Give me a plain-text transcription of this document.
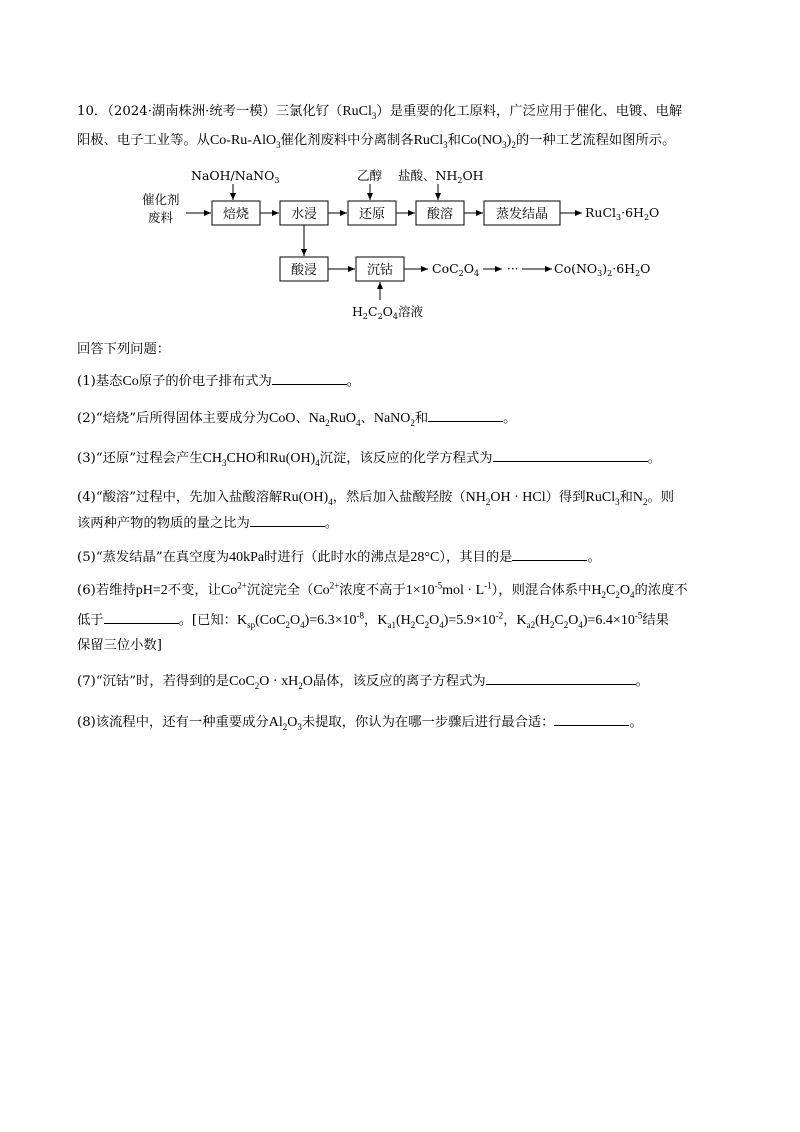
10．（2024·湖南株洲·统考一模）三氯化钌（RuCl$_3$）是重要的化工原料，广泛应用于催化、电镀、电解
阳极、电子工业等。从Co-Ru-AlO$_3$催化剂废料中分离制各RuCl$_3$和$Co(NO_3)_2$的一种工艺流程如图所示。
NaOH/NaNO$_3$	乙醇 盐酸、$NH_2OH$
催化剂
废料	焙烧	水浸	还原	酸溶	蒸发结晶	$RuCl_3\cdot 6H_2O$
酸浸	沉钴	$CoC_2O_4$ ···	$Co(NO_3)_2\cdot 6H_2O$
$H_2C_2O_4$溶液
回答下列问题：
(1)基态Co原子的价电子排布式为	。
(2)“焙烧”后所得固体主要成分为CoO、$Na_2RuO_4$、NaNO$_2$和	。
(3)“还原”过程会产生$CH_3CHO$和$Ru(OH)_4$沉淀，该反应的化学方程式为	。
(4)“酸溶”过程中，先加入盐酸溶解$Ru(OH)_4$，然后加入盐酸羟胺$(NH_2OH \cdot HCl)$得到RuCl$_3$和$N_2$。则
该两种产物的物质的量之比为	。
(5)“蒸发结晶”在真空度为40kPa时进行（此时水的沸点是28°C），其目的是	。
(6)若维持pH=2不变，让$Co^{2+}$沉淀完全（$Co^{2+}$浓度不高于$1\times 10^{-5}mol \cdot L^{-1}$），则混合体系中$H_2C_2O_4$的浓度不
低于	。[已知：$K_{sp}(CoC_2O_4)=6.3\times 10^{-8}$，$K_{a1}(H_2C_2O_4)=5.9\times 10^{-2}$，$K_{a2}(H_2C_2O_4)=6.4\times 10^{-5}$结果
保留三位小数]
(7)“沉钴”时，若得到的是$CoC_2O \cdot xH_2O$晶体，该反应的离子方程式为	。
(8)该流程中，还有一种重要成分$Al_2O_3$未提取，你认为在哪一步骤后进行最合适：	。
